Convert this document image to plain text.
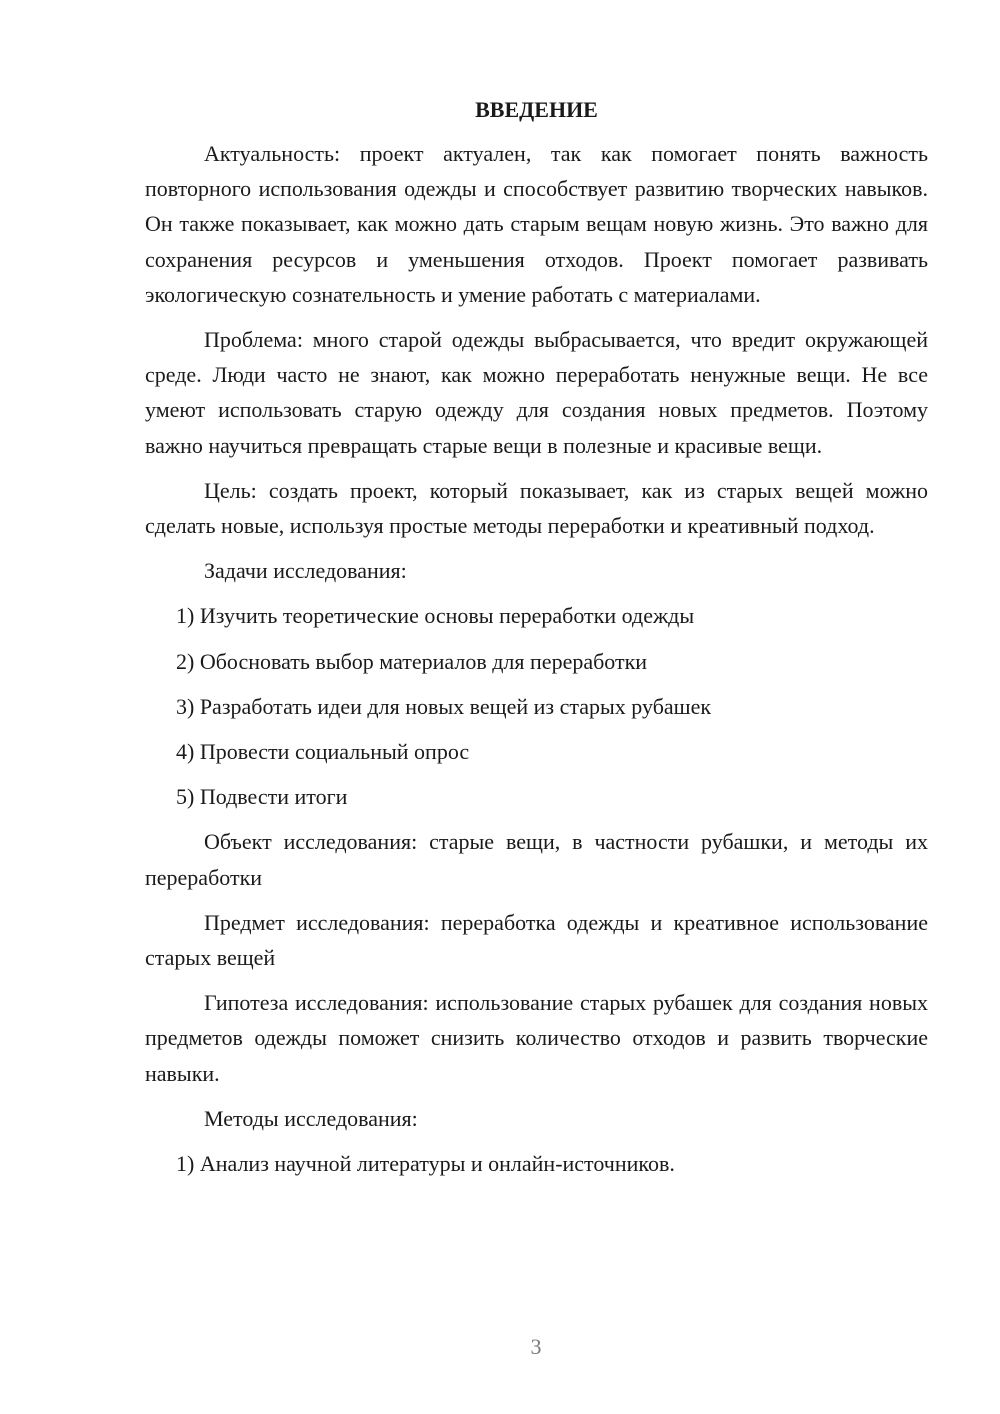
ВВЕДЕНИЕ

Актуальность: проект актуален, так как помогает понять важность повторного использования одежды и способствует развитию творческих навыков. Он также показывает, как можно дать старым вещам новую жизнь. Это важно для сохранения ресурсов и уменьшения отходов. Проект помогает развивать экологическую сознательность и умение работать с материалами.

Проблема: много старой одежды выбрасывается, что вредит окружающей среде. Люди часто не знают, как можно переработать ненужные вещи. Не все умеют использовать старую одежду для создания новых предметов. Поэтому важно научиться превращать старые вещи в полезные и красивые вещи.

Цель: создать проект, который показывает, как из старых вещей можно сделать новые, используя простые методы переработки и креативный подход.

Задачи исследования:

1) Изучить теоретические основы переработки одежды

2) Обосновать выбор материалов для переработки

3) Разработать идеи для новых вещей из старых рубашек

4) Провести социальный опрос

5) Подвести итоги

Объект исследования: старые вещи, в частности рубашки, и методы их переработки

Предмет исследования: переработка одежды и креативное использование старых вещей

Гипотеза исследования: использование старых рубашек для создания новых предметов одежды поможет снизить количество отходов и развить творческие навыки.

Методы исследования:

1) Анализ научной литературы и онлайн-источников.

3
